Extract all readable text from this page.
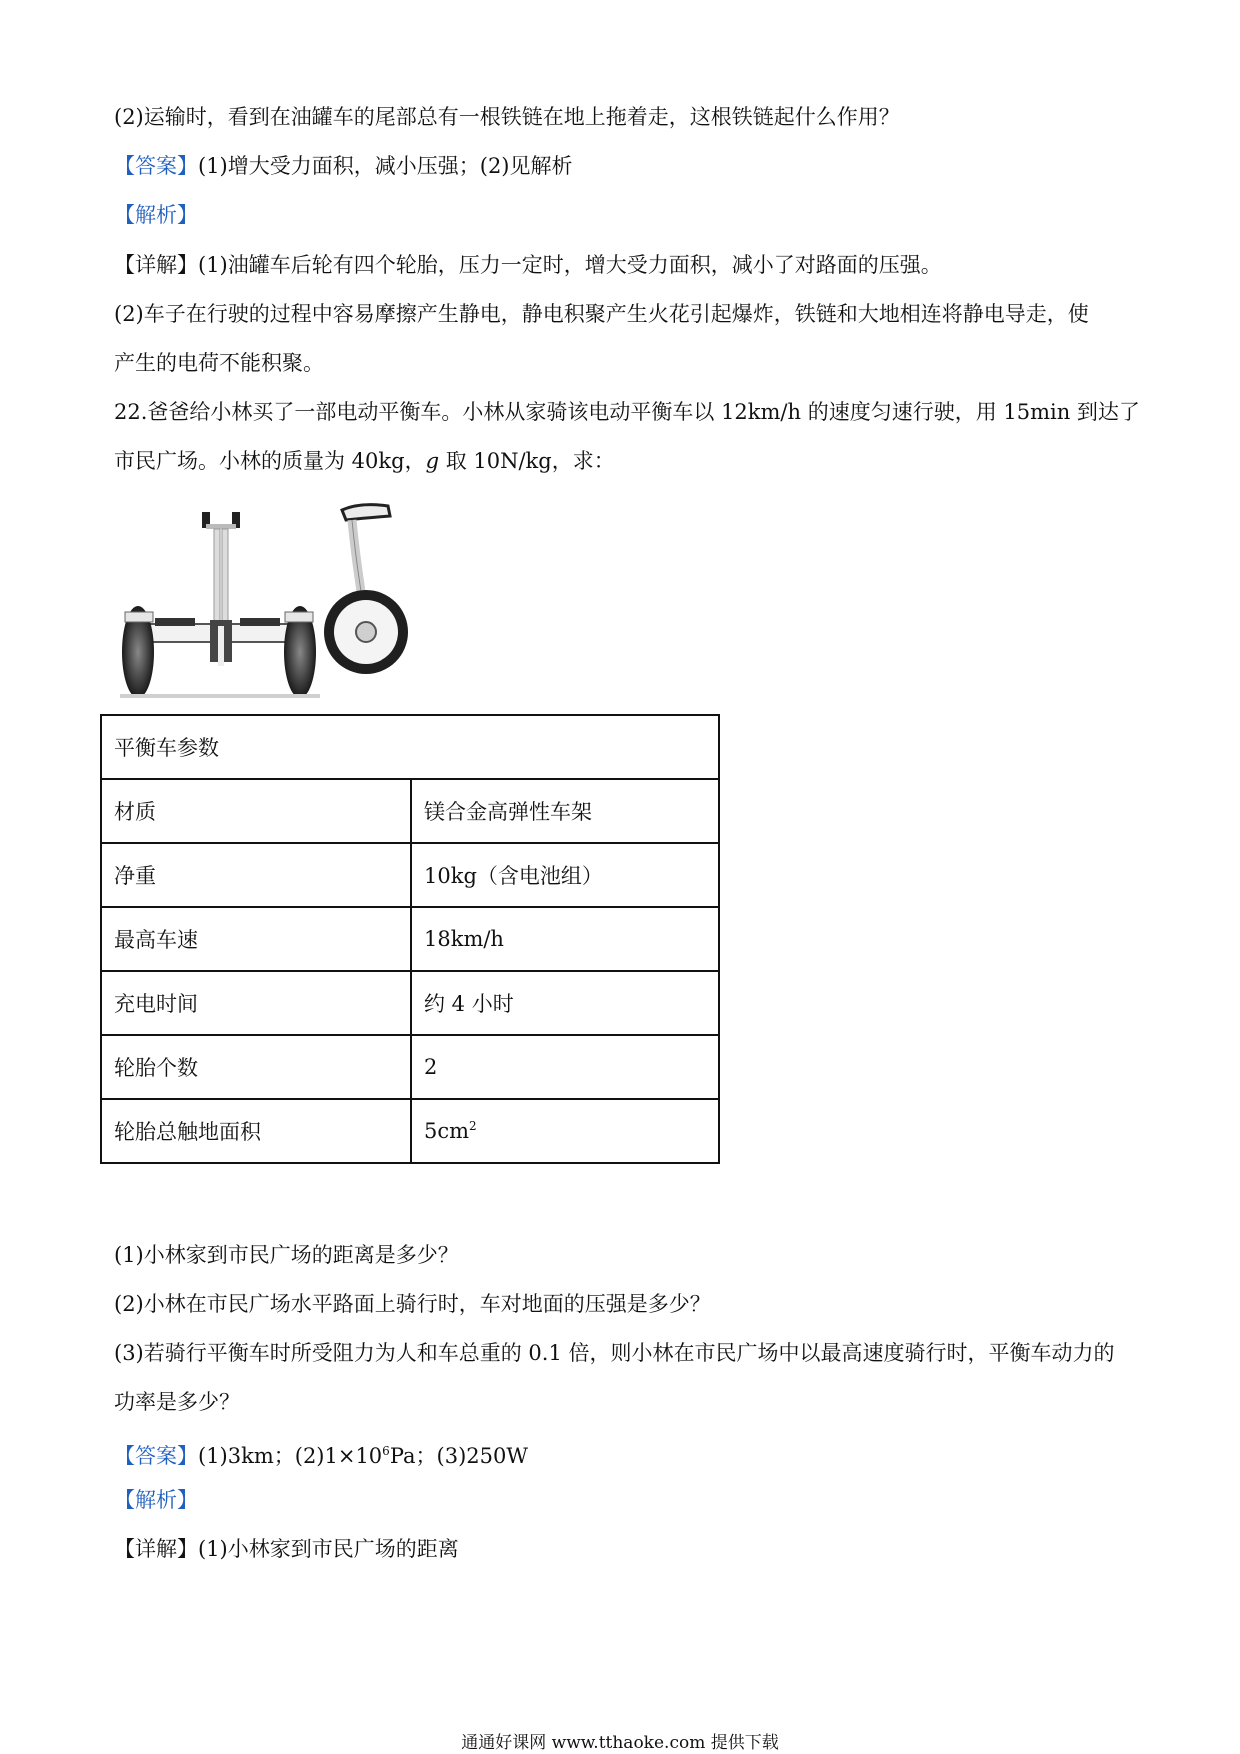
(2)运输时，看到在油罐车的尾部总有一根铁链在地上拖着走，这根铁链起什么作用？
【答案】(1)增大受力面积，减小压强；(2)见解析
【解析】
【详解】(1)油罐车后轮有四个轮胎，压力一定时，增大受力面积，减小了对路面的压强。
(2)车子在行驶的过程中容易摩擦产生静电，静电积聚产生火花引起爆炸，铁链和大地相连将静电导走，使
产生的电荷不能积聚。
22.爸爸给小林买了一部电动平衡车。小林从家骑该电动平衡车以 12km/h 的速度匀速行驶，用 15min 到达了
市民广场。小林的质量为 40kg，g 取 10N/kg，求：
平衡车参数	
材质	镁合金高弹性车架
净重	10kg（含电池组）
最高车速	18km/h
充电时间	约 4 小时
轮胎个数	2
轮胎总触地面积	$5cm^2$
(1)小林家到市民广场的距离是多少？
(2)小林在市民广场水平路面上骑行时，车对地面的压强是多少？
(3)若骑行平衡车时所受阻力为人和车总重的 0.1 倍，则小林在市民广场中以最高速度骑行时，平衡车动力的
功率是多少？
【答案】(1)3km；$(2)1\times 10^6Pa$；(3)250W
【解析】
【详解】(1)小林家到市民广场的距离
通通好课网 www.tthaoke.com 提供下载
